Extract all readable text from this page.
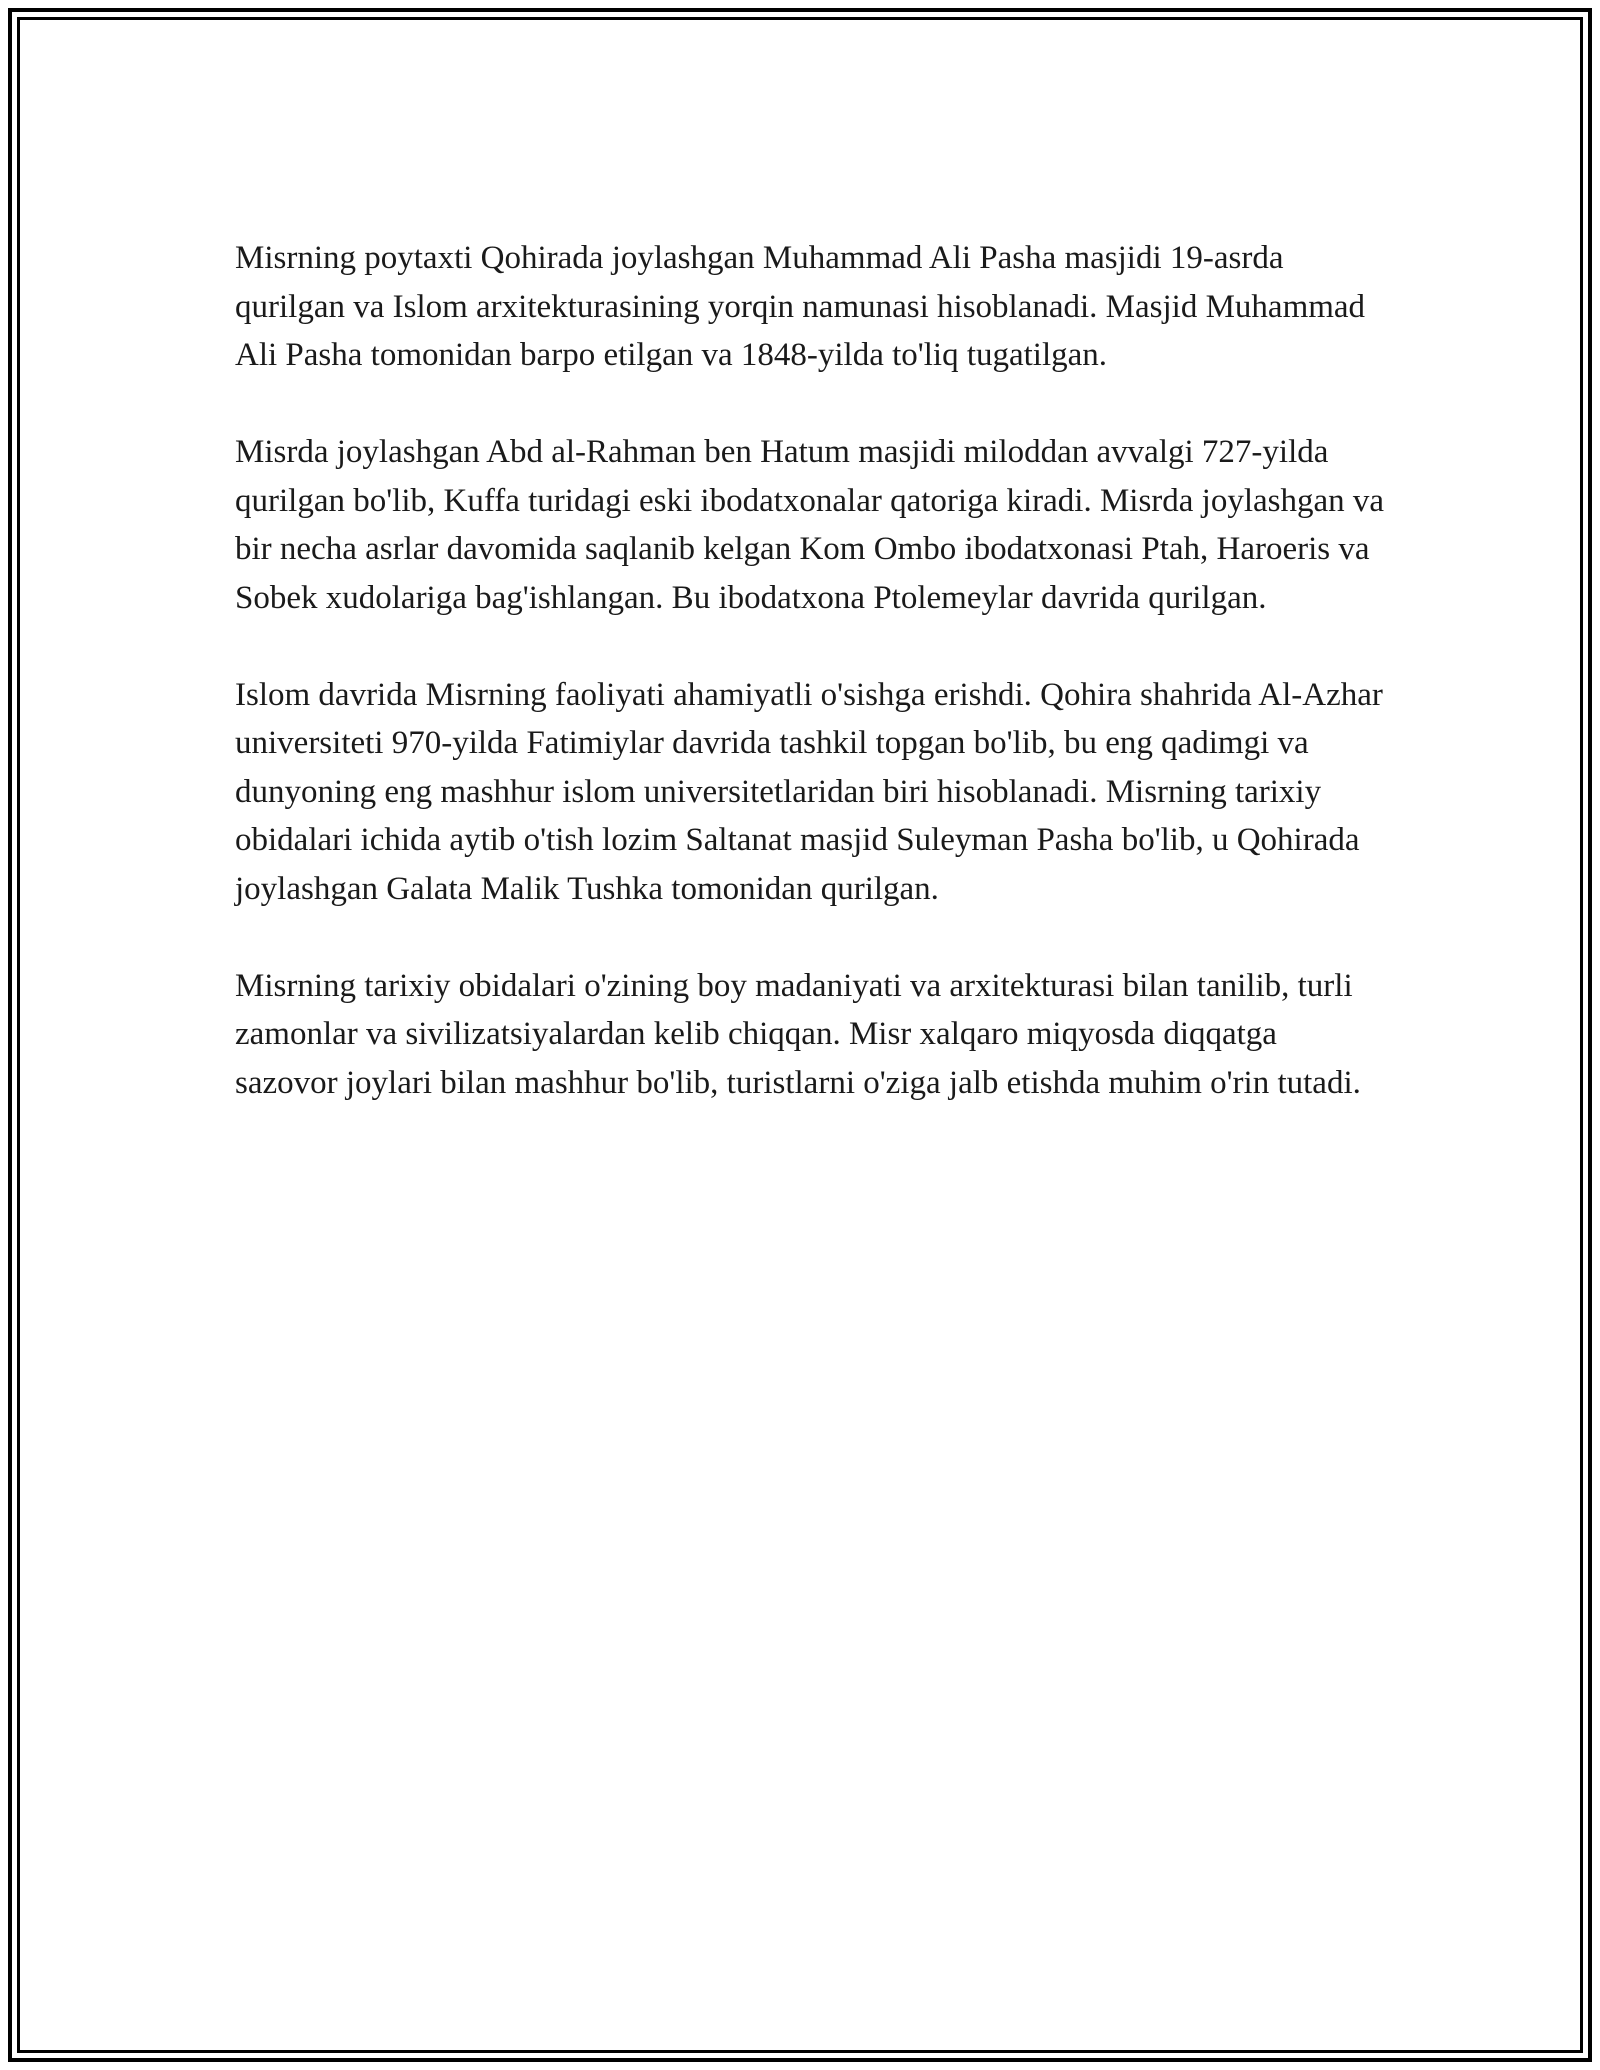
Misrning poytaxti Qohirada joylashgan Muhammad Ali Pasha masjidi 19-asrda qurilgan va Islom arxitekturasining yorqin namunasi hisoblanadi. Masjid Muhammad Ali Pasha tomonidan barpo etilgan va 1848-yilda to'liq tugatilgan.

Misrda joylashgan Abd al-Rahman ben Hatum masjidi miloddan avvalgi 727-yilda qurilgan bo'lib, Kuffa turidagi eski ibodatxonalar qatoriga kiradi. Misrda joylashgan va bir necha asrlar davomida saqlanib kelgan Kom Ombo ibodatxonasi Ptah, Haroeris va Sobek xudolariga bag'ishlangan. Bu ibodatxona Ptolemeylar davrida qurilgan.

Islom davrida Misrning faoliyati ahamiyatli o'sishga erishdi. Qohira shahrida Al-Azhar universiteti 970-yilda Fatimiylar davrida tashkil topgan bo'lib, bu eng qadimgi va dunyoning eng mashhur islom universitetlaridan biri hisoblanadi. Misrning tarixiy obidalari ichida aytib o'tish lozim Saltanat masjid Suleyman Pasha bo'lib, u Qohirada joylashgan Galata Malik Tushka tomonidan qurilgan.

Misrning tarixiy obidalari o'zining boy madaniyati va arxitekturasi bilan tanilib, turli zamonlar va sivilizatsiyalardan kelib chiqqan. Misr xalqaro miqyosda diqqatga sazovor joylari bilan mashhur bo'lib, turistlarni o'ziga jalb etishda muhim o'rin tutadi.
